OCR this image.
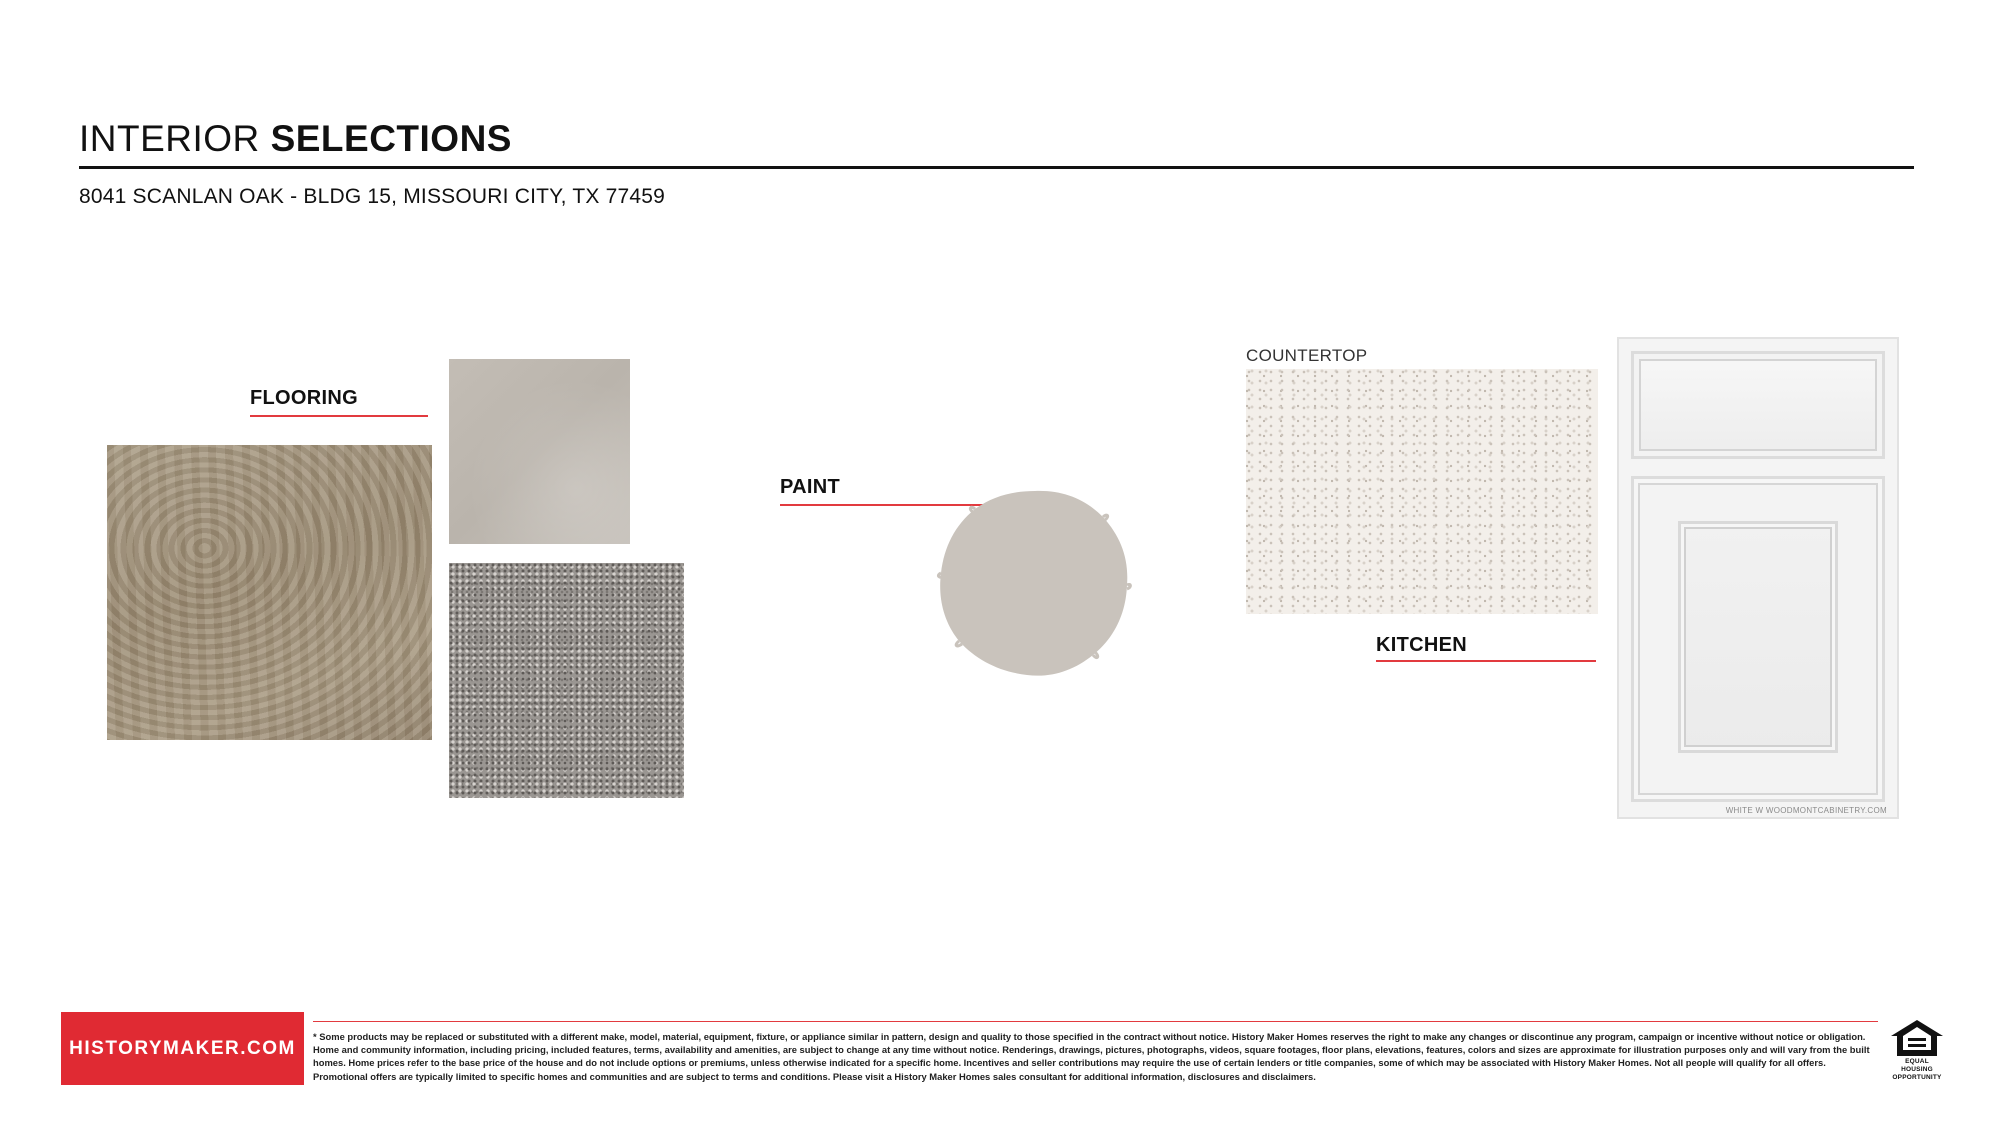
INTERIOR SELECTIONS
8041 SCANLAN OAK - BLDG 15, MISSOURI CITY, TX 77459
FLOORING
PAINT
COUNTERTOP
KITCHEN
WHITE W WOODMONTCABINETRY.COM
HISTORYMAKER.COM
* Some products may be replaced or substituted with a different make, model, material, equipment, fixture, or appliance similar in pattern, design and quality to those specified in the contract without notice. History Maker Homes reserves the right to make any changes or discontinue any program, campaign or incentive without notice or obligation. Home and community information, including pricing, included features, terms, availability and amenities, are subject to change at any time without notice. Renderings, drawings, pictures, photographs, videos, square footages, floor plans, elevations, features, colors and sizes are approximate for illustration purposes only and will vary from the built homes. Home prices refer to the base price of the house and do not include options or premiums, unless otherwise indicated for a specific home. Incentives and seller contributions may require the use of certain lenders or title companies, some of which may be associated with History Maker Homes. Not all people will qualify for all offers. Promotional offers are typically limited to specific homes and communities and are subject to terms and conditions. Please visit a History Maker Homes sales consultant for additional information, disclosures and disclaimers.
EQUAL HOUSING OPPORTUNITY
